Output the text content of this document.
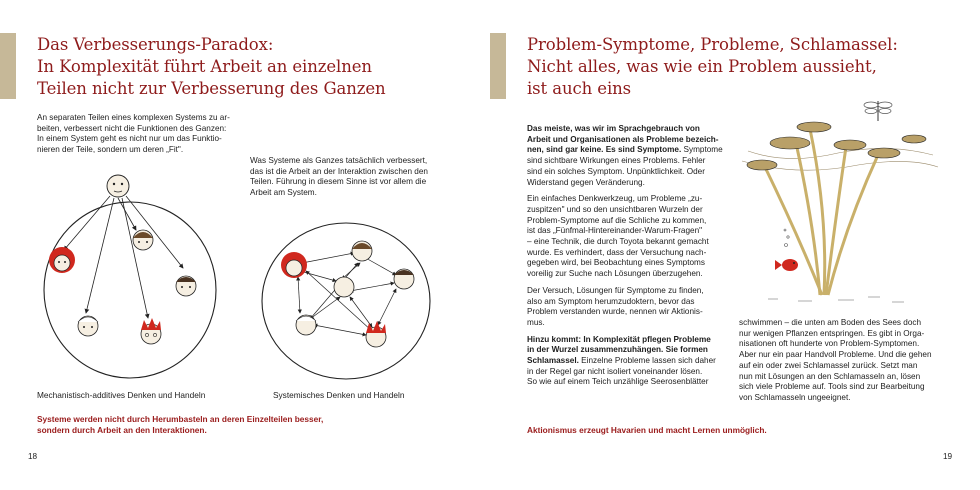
Das Verbesserungs-Paradox:
In Komplexität führt Arbeit an einzelnen
Teilen nicht zur Verbesserung des Ganzen
An separaten Teilen eines komplexen Systems zu ar-
beiten, verbessert nicht die Funktionen des Ganzen:
In einem System geht es nicht nur um das Funktio-
nieren der Teile, sondern um deren „Fit".
Was Systeme als Ganzes tatsächlich verbessert,
das ist die Arbeit an der Interaktion zwischen den
Teilen. Führung in diesem Sinne ist vor allem die
Arbeit am System.
Mechanistisch-additives Denken und Handeln	Systemisches Denken und Handeln
Systeme werden nicht durch Herumbasteln an deren Einzelteilen besser,
sondern durch Arbeit an den Interaktionen.
18
Problem-Symptome, Probleme, Schlamassel:
Nicht alles, was wie ein Problem aussieht,
ist auch eins

Das meiste, was wir im Sprachgebrauch von
Arbeit und Organisationen als Probleme bezeich-
nen, sind gar keine. Es sind Symptome. Symptome
sind sichtbare Wirkungen eines Problems. Fehler
sind ein solches Symptom. Unpünktlichkeit. Oder
Widerstand gegen Veränderung.

Ein einfaches Denkwerkzeug, um Probleme „zu-
zuspitzen" und so den unsichtbaren Wurzeln der
Problem-Symptome auf die Schliche zu kommen,
ist das „Fünfmal-Hintereinander-Warum-Fragen"
– eine Technik, die durch Toyota bekannt gemacht
wurde. Es verhindert, dass der Versuchung nach-
gegeben wird, bei Beobachtung eines Symptoms
voreilig zur Suche nach Lösungen überzugehen.

Der Versuch, Lösungen für Symptome zu finden,
also am Symptom herumzudoktern, bevor das
Problem verstanden wurde, nennen wir Aktionis-
mus.

Hinzu kommt: In Komplexität pflegen Probleme
in der Wurzel zusammenzuhängen. Sie formen
Schlamassel. Einzelne Probleme lassen sich daher
in der Regel gar nicht isoliert voneinander lösen.
So wie auf einem Teich unzählige Seerosenblätter

schwimmen – die unten am Boden des Sees doch
nur wenigen Pflanzen entspringen. Es gibt in Orga-
nisationen oft hunderte von Problem-Symptomen.
Aber nur ein paar Handvoll Probleme. Und die gehen
auf ein oder zwei Schlamassel zurück. Setzt man
nun mit Lösungen an den Schlamasseln an, lösen
sich viele Probleme auf. Tools sind zur Bearbeitung
von Schlamasseln ungeeignet.
Aktionismus erzeugt Havarien und macht Lernen unmöglich.
19
